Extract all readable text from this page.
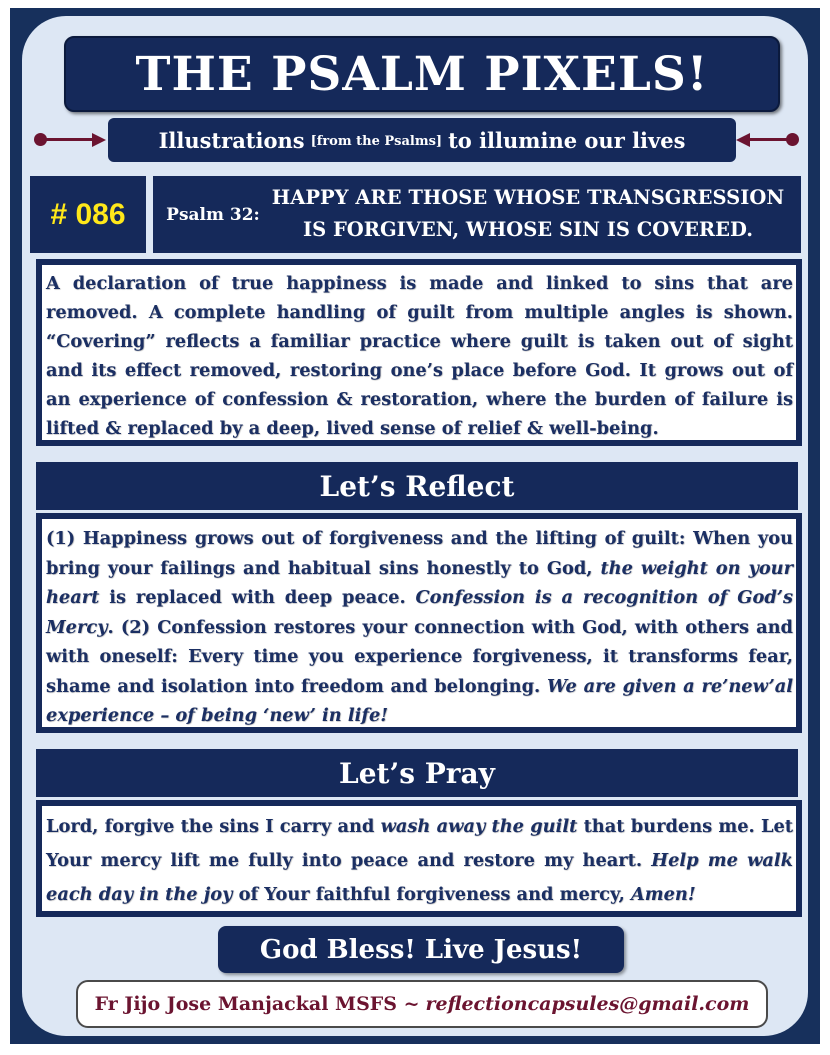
THE PSALM PIXELS!
Illustrations [from the Psalms] to illumine our lives
# 086	Psalm 32:
HAPPY ARE THOSE WHOSE TRANSGRESSION
IS FORGIVEN, WHOSE SIN IS COVERED.
A declaration of true happiness is made and linked to sins that are removed. A complete handling of guilt from multiple angles is shown. “Covering” reflects a familiar practice where guilt is taken out of sight and its effect removed, restoring one’s place before God. It grows out of an experience of confession & restoration, where the burden of failure is lifted & replaced by a deep, lived sense of relief & well-being.
Let’s Reflect
(1) Happiness grows out of forgiveness and the lifting of guilt: When you bring your failings and habitual sins honestly to God, the weight on your heart is replaced with deep peace. Confession is a recognition of God’s Mercy. (2) Confession restores your connection with God, with others and with oneself: Every time you experience forgiveness, it transforms fear, shame and isolation into freedom and belonging. We are given a re’new’al experience – of being ‘new’ in life!
Let’s Pray
Lord, forgive the sins I carry and wash away the guilt that burdens me. Let Your mercy lift me fully into peace and restore my heart. Help me walk each day in the joy of Your faithful forgiveness and mercy, Amen!
God Bless! Live Jesus!
Fr Jijo Jose Manjackal MSFS ~ reflectioncapsules@gmail.com
